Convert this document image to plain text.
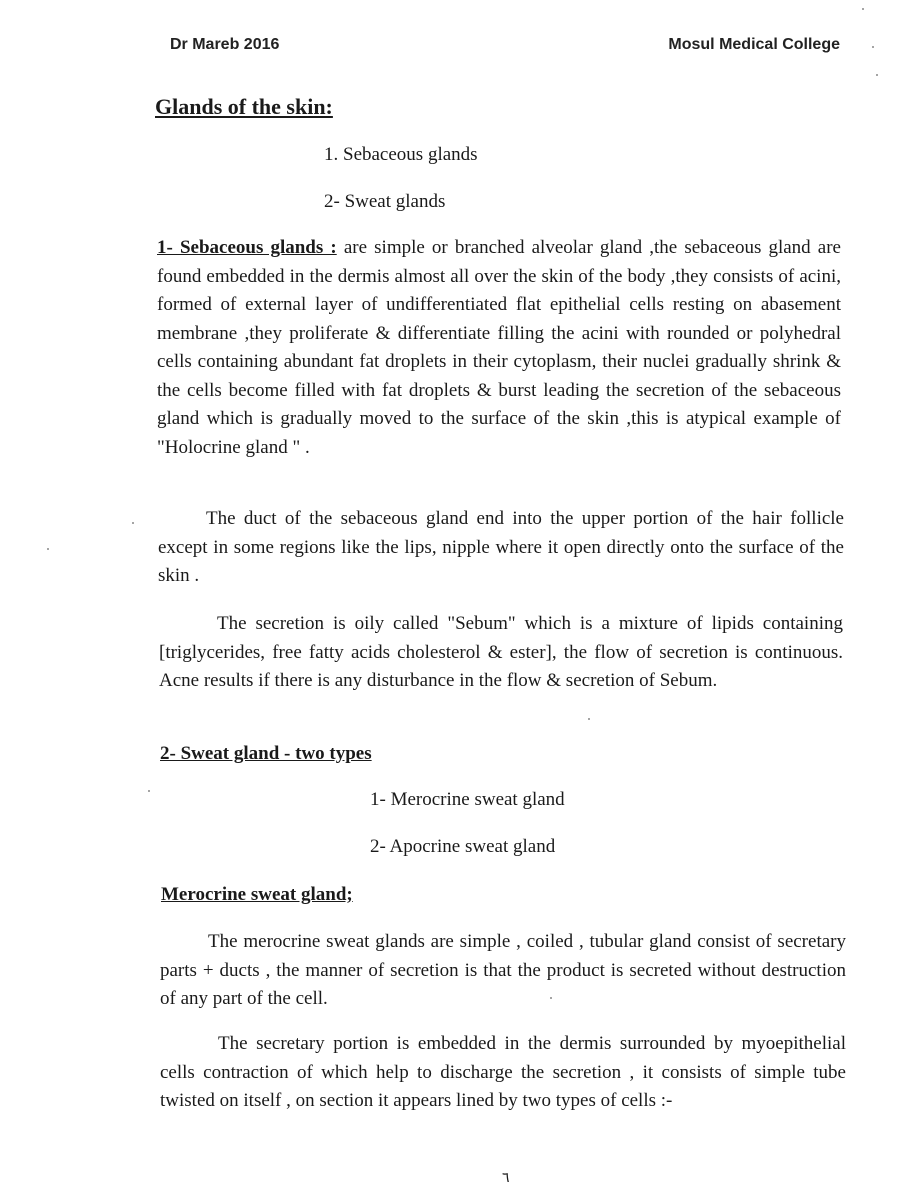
Dr Mareb 2016	Mosul Medical College
Glands of the skin:
1. Sebaceous glands
2- Sweat glands

1- Sebaceous glands : are simple or branched alveolar gland ,the sebaceous gland are found embedded in the dermis almost all over the skin of the body ,they consists of acini, formed of external layer of undifferentiated flat epithelial cells resting on abasement membrane ,they proliferate & differentiate filling the acini with rounded or polyhedral cells containing abundant fat droplets in their cytoplasm, their nuclei gradually shrink & the cells become filled with fat droplets & burst leading the secretion of the sebaceous gland which is gradually moved to the surface of the skin ,this is atypical example of "Holocrine gland " .

The duct of the sebaceous gland end into the upper portion of the hair follicle except in some regions like the lips, nipple where it open directly onto the surface of the skin .

The secretion is oily called "Sebum" which is a mixture of lipids containing [triglycerides, free fatty acids cholesterol & ester], the flow of secretion is continuous. Acne results if there is any disturbance in the flow & secretion of Sebum.

2- Sweat gland - two types
1- Merocrine sweat gland
2- Apocrine sweat gland
Merocrine sweat gland;

The merocrine sweat glands are simple , coiled , tubular gland consist of secretary parts + ducts , the manner of secretion is that the product is secreted without destruction of any part of the cell.

The secretary portion is embedded in the dermis surrounded by myoepithelial cells contraction of which help to discharge the secretion , it consists of simple tube twisted on itself , on section it appears lined by two types of cells :-

٦
